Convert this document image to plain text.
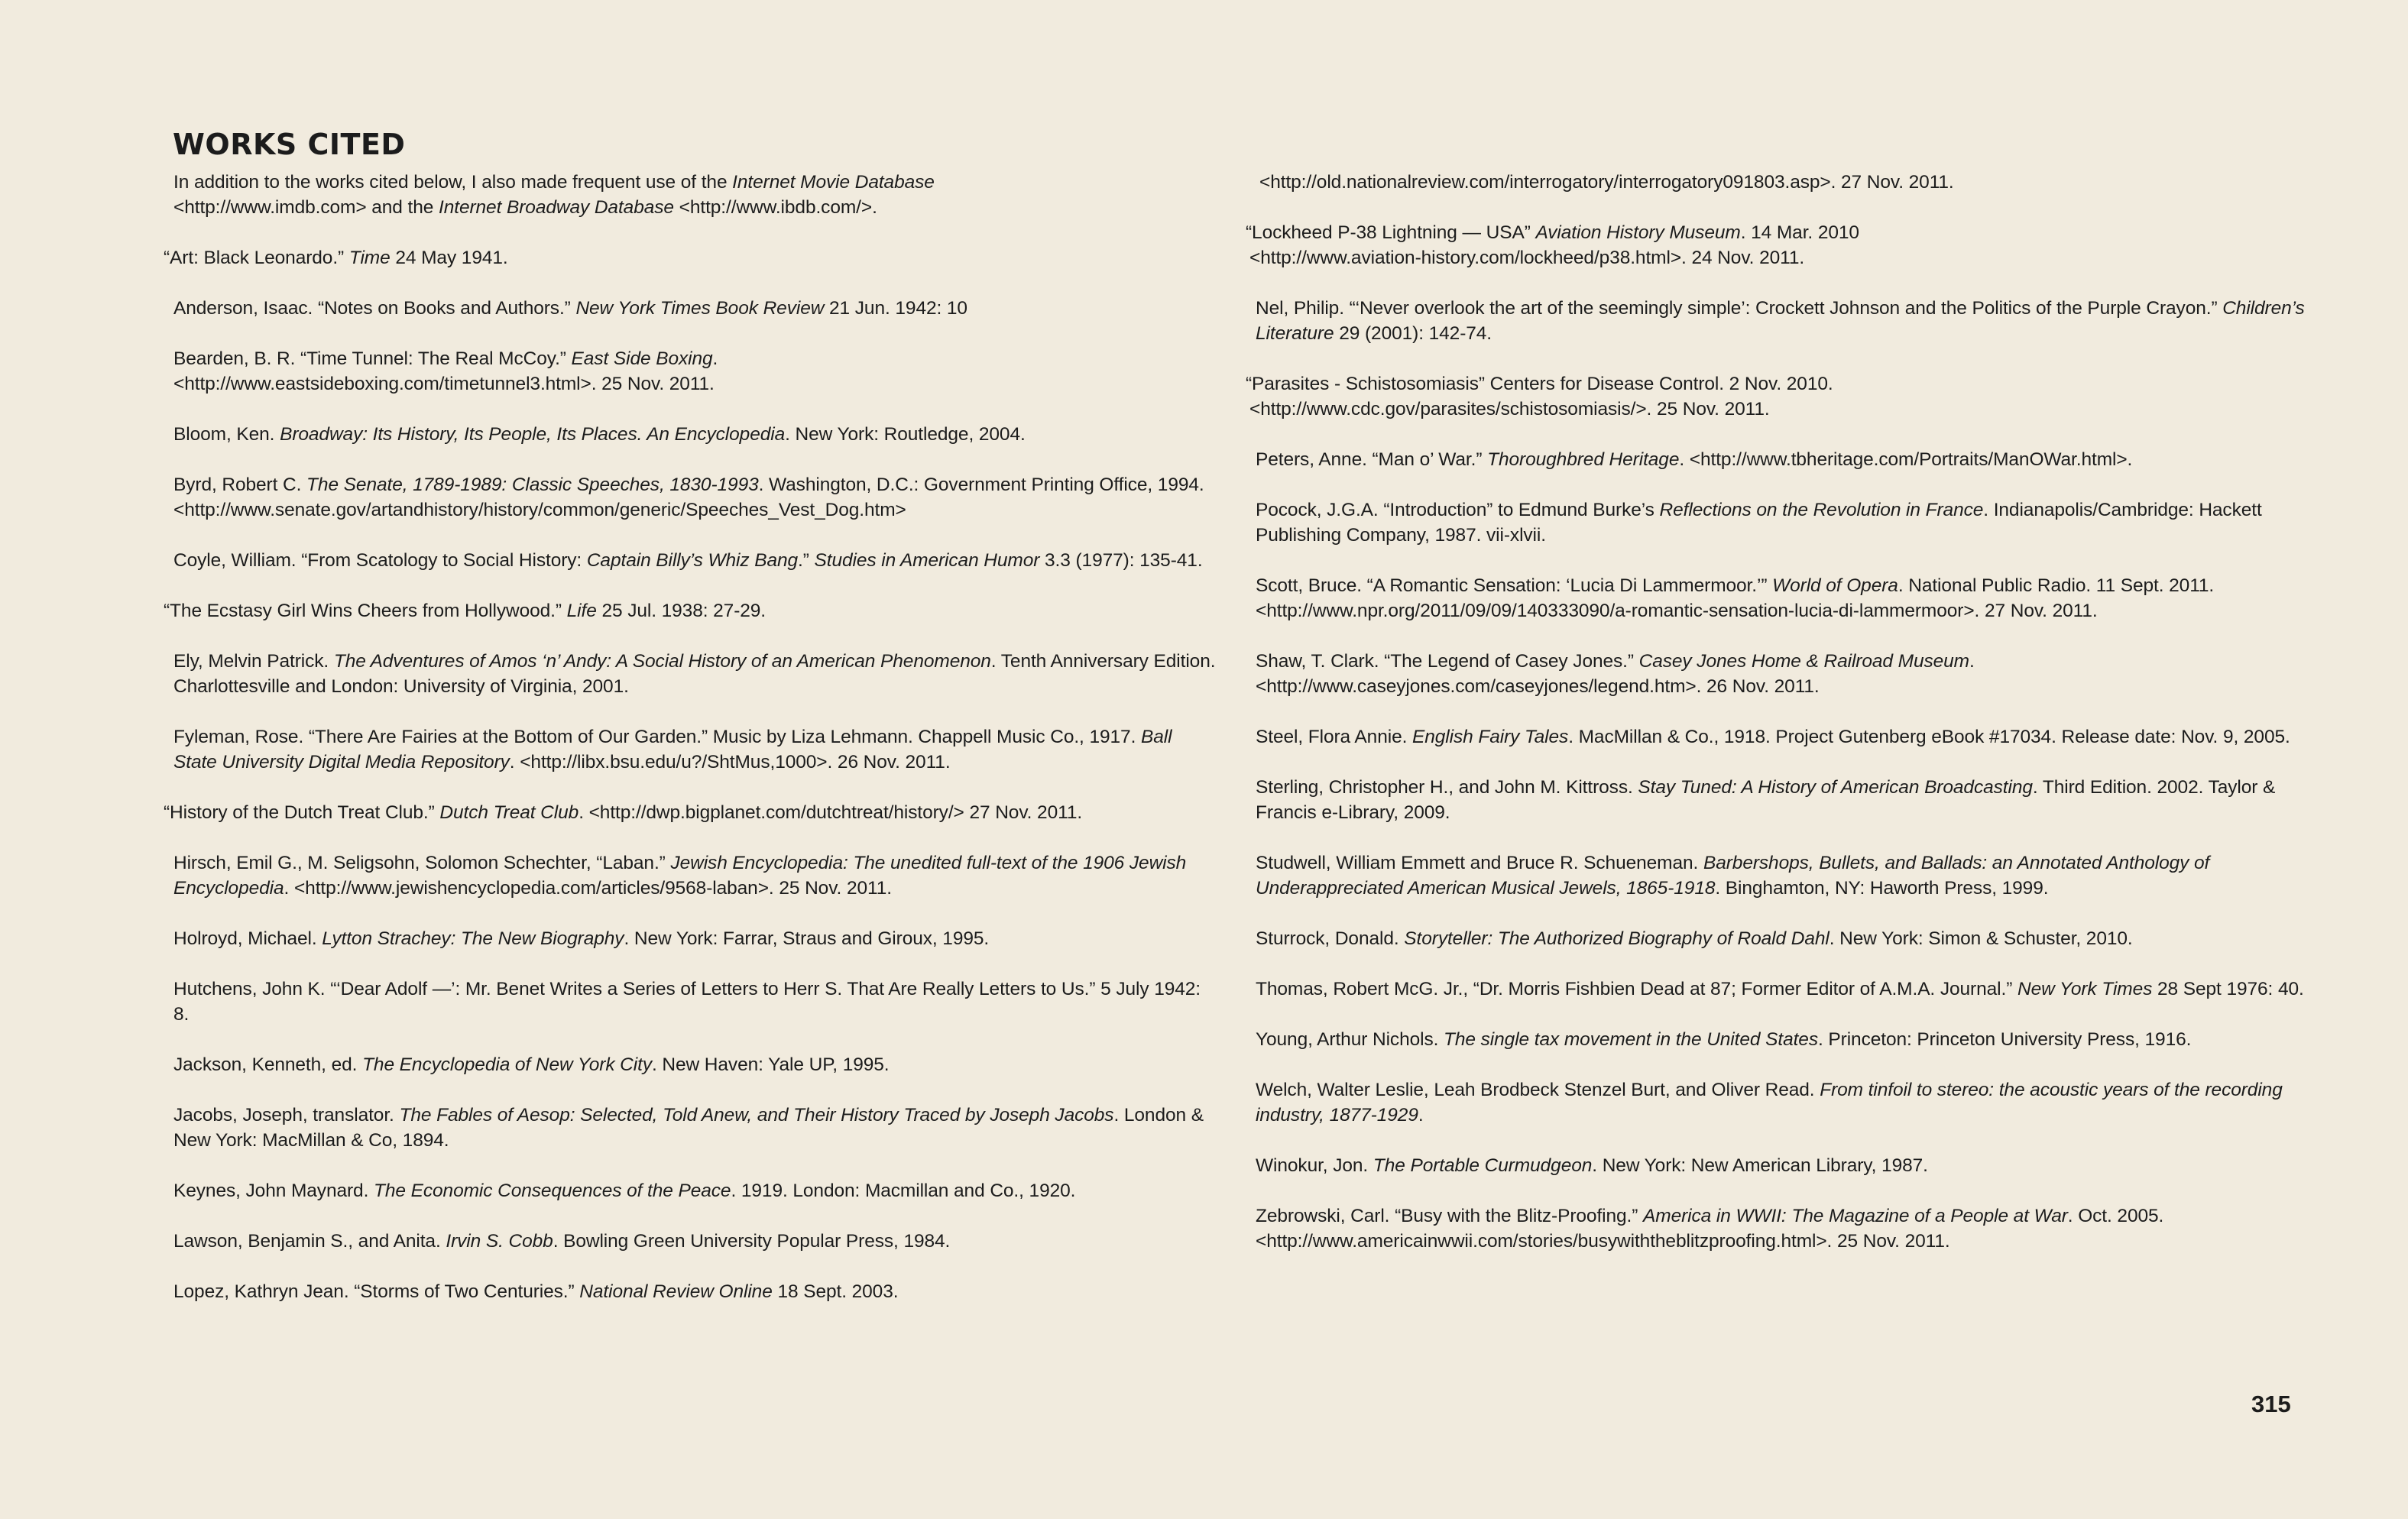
WORKS CITED

In addition to the works cited below, I also made frequent use of the Internet Movie Database
<http://www.imdb.com> and the Internet Broadway Database <http://www.ibdb.com/>.

“Art: Black Leonardo.” Time 24 May 1941.

Anderson, Isaac. “Notes on Books and Authors.” New York Times Book Review 21 Jun. 1942: 10

Bearden, B. R. “Time Tunnel: The Real McCoy.” East Side Boxing.
<http://www.eastsideboxing.com/timetunnel3.html>. 25 Nov. 2011.

Bloom, Ken. Broadway: Its History, Its People, Its Places. An Encyclopedia. New York: Routledge, 2004.

Byrd, Robert C. The Senate, 1789-1989: Classic Speeches, 1830-1993. Washington, D.C.: Government Printing Office, 1994. <http://www.senate.gov/artandhistory/history/common/generic/Speeches_Vest_Dog.htm>

Coyle, William. “From Scatology to Social History: Captain Billy’s Whiz Bang.” Studies in American Humor 3.3 (1977): 135-41.

“The Ecstasy Girl Wins Cheers from Hollywood.” Life 25 Jul. 1938: 27-29.

Ely, Melvin Patrick. The Adventures of Amos ‘n’ Andy: A Social History of an American Phenomenon. Tenth Anniversary Edition. Charlottesville and London: University of Virginia, 2001.

Fyleman, Rose. “There Are Fairies at the Bottom of Our Garden.” Music by Liza Lehmann. Chappell Music Co., 1917. Ball State University Digital Media Repository. <http://libx.bsu.edu/u?/ShtMus,1000>. 26 Nov. 2011.

“History of the Dutch Treat Club.” Dutch Treat Club. <http://dwp.bigplanet.com/dutchtreat/history/> 27 Nov. 2011.

Hirsch, Emil G., M. Seligsohn, Solomon Schechter, “Laban.” Jewish Encyclopedia: The unedited full-text of the 1906 Jewish Encyclopedia. <http://www.jewishencyclopedia.com/articles/9568-laban>. 25 Nov. 2011.

Holroyd, Michael. Lytton Strachey: The New Biography. New York: Farrar, Straus and Giroux, 1995.

Hutchens, John K. “‘Dear Adolf —’: Mr. Benet Writes a Series of Letters to Herr S. That Are Really Letters to Us.” 5 July 1942: 8.

Jackson, Kenneth, ed. The Encyclopedia of New York City. New Haven: Yale UP, 1995.

Jacobs, Joseph, translator. The Fables of Aesop: Selected, Told Anew, and Their History Traced by Joseph Jacobs. London & New York: MacMillan & Co, 1894.

Keynes, John Maynard. The Economic Consequences of the Peace. 1919. London: Macmillan and Co., 1920.

Lawson, Benjamin S., and Anita. Irvin S. Cobb. Bowling Green University Popular Press, 1984.

Lopez, Kathryn Jean. “Storms of Two Centuries.” National Review Online 18 Sept. 2003.

<http://old.nationalreview.com/interrogatory/interrogatory091803.asp>. 27 Nov. 2011.

“Lockheed P-38 Lightning — USA” Aviation History Museum. 14 Mar. 2010
<http://www.aviation-history.com/lockheed/p38.html>. 24 Nov. 2011.

Nel, Philip. “‘Never overlook the art of the seemingly simple’: Crockett Johnson and the Politics of the Purple Crayon.” Children’s Literature 29 (2001): 142-74.

“Parasites - Schistosomiasis” Centers for Disease Control. 2 Nov. 2010.
<http://www.cdc.gov/parasites/schistosomiasis/>. 25 Nov. 2011.

Peters, Anne. “Man o’ War.” Thoroughbred Heritage. <http://www.tbheritage.com/Portraits/ManOWar.html>.

Pocock, J.G.A. “Introduction” to Edmund Burke’s Reflections on the Revolution in France. Indianapolis/Cambridge: Hackett Publishing Company, 1987. vii-xlvii.

Scott, Bruce. “A Romantic Sensation: ‘Lucia Di Lammermoor.’” World of Opera. National Public Radio. 11 Sept. 2011. <http://www.npr.org/2011/09/09/140333090/a-romantic-sensation-lucia-di-lammermoor>. 27 Nov. 2011.

Shaw, T. Clark. “The Legend of Casey Jones.” Casey Jones Home & Railroad Museum.
<http://www.caseyjones.com/caseyjones/legend.htm>. 26 Nov. 2011.

Steel, Flora Annie. English Fairy Tales. MacMillan & Co., 1918. Project Gutenberg eBook #17034. Release date: Nov. 9, 2005.

Sterling, Christopher H., and John M. Kittross. Stay Tuned: A History of American Broadcasting. Third Edition. 2002. Taylor & Francis e-Library, 2009.

Studwell, William Emmett and Bruce R. Schueneman. Barbershops, Bullets, and Ballads: an Annotated Anthology of Underappreciated American Musical Jewels, 1865-1918. Binghamton, NY: Haworth Press, 1999.

Sturrock, Donald. Storyteller: The Authorized Biography of Roald Dahl. New York: Simon & Schuster, 2010.

Thomas, Robert McG. Jr., “Dr. Morris Fishbien Dead at 87; Former Editor of A.M.A. Journal.” New York Times 28 Sept 1976: 40.

Young, Arthur Nichols. The single tax movement in the United States. Princeton: Princeton University Press, 1916.

Welch, Walter Leslie, Leah Brodbeck Stenzel Burt, and Oliver Read. From tinfoil to stereo: the acoustic years of the recording industry, 1877-1929.

Winokur, Jon. The Portable Curmudgeon. New York: New American Library, 1987.

Zebrowski, Carl. “Busy with the Blitz-Proofing.” America in WWII: The Magazine of a People at War. Oct. 2005.
<http://www.americainwwii.com/stories/busywiththeblitzproofing.html>. 25 Nov. 2011.

315
